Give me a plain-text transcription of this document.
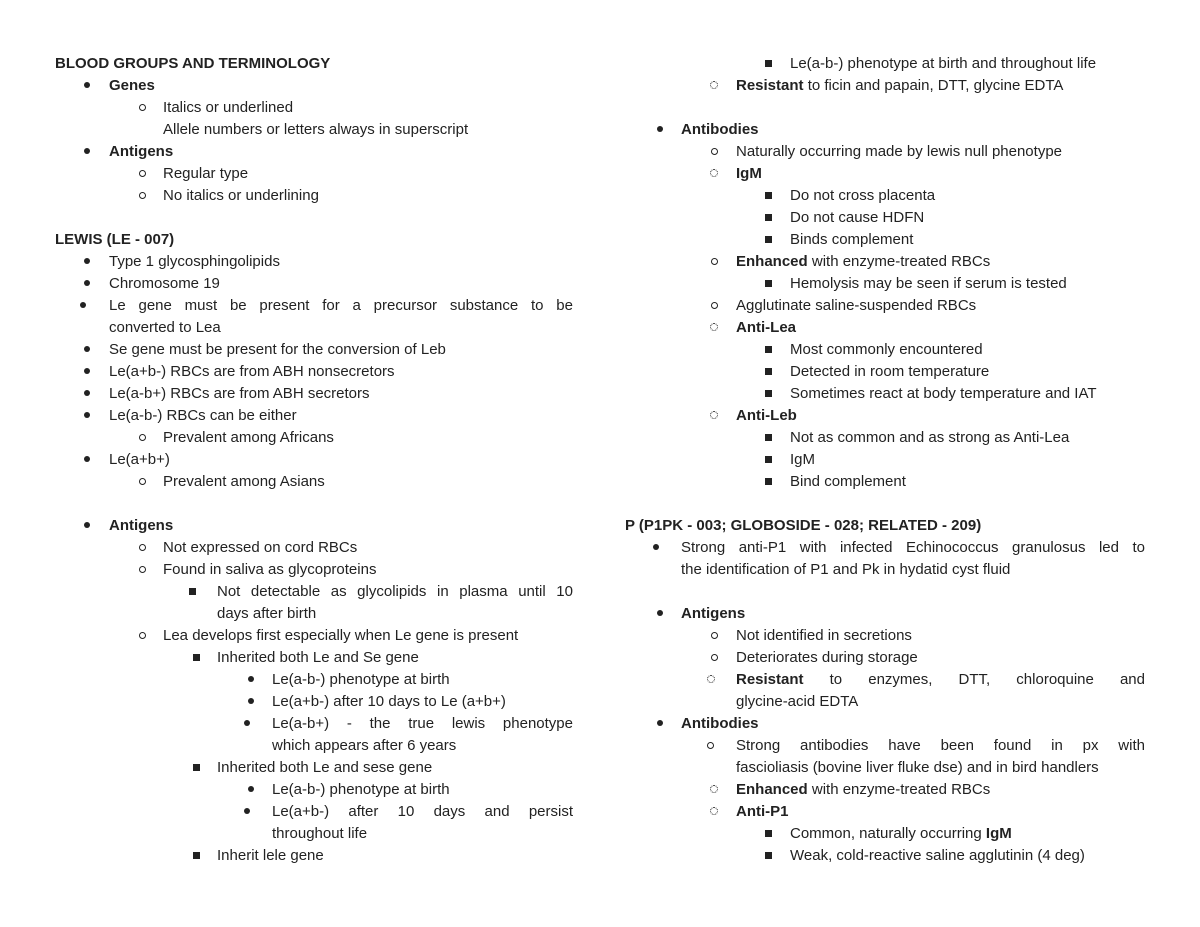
BLOOD GROUPS AND TERMINOLOGY
Genes
Italics or underlined
Allele numbers or letters always in superscript
Antigens
Regular type
No italics or underlining
LEWIS (LE - 007)
Type 1 glycosphingolipids
Chromosome 19
Le gene must be present for a precursor substance to be
converted to Lea
Se gene must be present for the conversion of Leb
Le(a+b-) RBCs are from ABH nonsecretors
Le(a-b+) RBCs are from ABH secretors
Le(a-b-) RBCs can be either
Prevalent among Africans
Le(a+b+)
Prevalent among Asians
Antigens
Not expressed on cord RBCs
Found in saliva as glycoproteins
Not detectable as glycolipids in plasma until 10
days after birth
Lea develops first especially when Le gene is present
Inherited both Le and Se gene
Le(a-b-) phenotype at birth
Le(a+b-) after 10 days to Le (a+b+)
Le(a-b+) - the true lewis phenotype
which appears after 6 years
Inherited both Le and sese gene
Le(a-b-) phenotype at birth
Le(a+b-) after 10 days and persist
throughout life
Inherit lele gene
Le(a-b-) phenotype at birth and throughout life
Resistant to ficin and papain, DTT, glycine EDTA
Antibodies
Naturally occurring made by lewis null phenotype
IgM
Do not cross placenta
Do not cause HDFN
Binds complement
Enhanced with enzyme-treated RBCs
Hemolysis may be seen if serum is tested
Agglutinate saline-suspended RBCs
Anti-Lea
Most commonly encountered
Detected in room temperature
Sometimes react at body temperature and IAT
Anti-Leb
Not as common and as strong as Anti-Lea
IgM
Bind complement
P (P1PK - 003; GLOBOSIDE - 028; RELATED - 209)
Strong anti-P1 with infected Echinococcus granulosus led to
the identification of P1 and Pk in hydatid cyst fluid
Antigens
Not identified in secretions
Deteriorates during storage
Resistant to enzymes, DTT, chloroquine and
glycine-acid EDTA
Antibodies
Strong antibodies have been found in px with
fascioliasis (bovine liver fluke dse) and in bird handlers
Enhanced with enzyme-treated RBCs
Anti-P1
Common, naturally occurring IgM
Weak, cold-reactive saline agglutinin (4 deg)
